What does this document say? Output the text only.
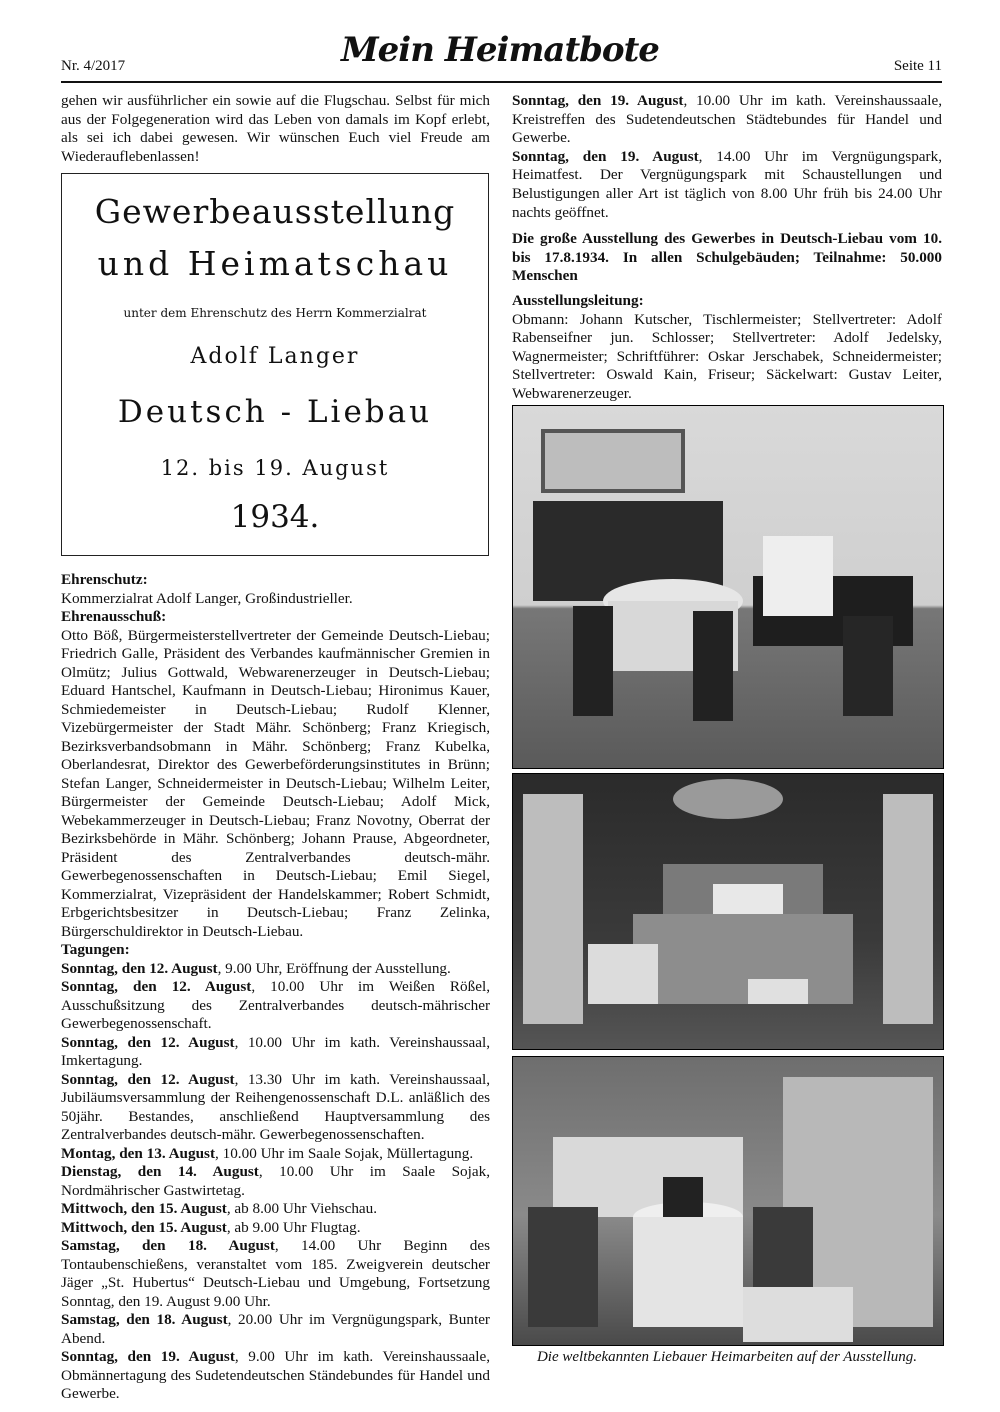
Nr. 4/2017	Mein Heimatbote	Seite 11

gehen wir ausführlicher ein sowie auf die Flugschau. Selbst für mich aus der Folgegeneration wird das Leben von damals im Kopf erlebt, als sei ich dabei gewesen. Wir wünschen Euch viel Freude am Wiederauflebenlassen!

Gewerbeausstellung
und Heimatschau
unter dem Ehrenschutz des Herrn Kommerzialrat
Adolf Langer
Deutsch - Liebau
12. bis 19. August
1934.

Ehrenschutz:

Kommerzialrat Adolf Langer, Großindustrieller.

Ehrenausschuß:

Otto Böß, Bürgermeisterstellvertreter der Gemeinde Deutsch-Liebau; Friedrich Galle, Präsident des Verbandes kaufmännischer Gremien in Olmütz; Julius Gottwald, Webwarenerzeuger in Deutsch-Liebau; Eduard Hantschel, Kaufmann in Deutsch-Liebau; Hironimus Kauer, Schmiedemeister in Deutsch-Liebau; Rudolf Klenner, Vizebürgermeister der Stadt Mähr. Schönberg; Franz Kriegisch, Bezirksverbandsobmann in Mähr. Schönberg; Franz Kubelka, Oberlandesrat, Direktor des Gewerbeförderungsinstitutes in Brünn; Stefan Langer, Schneidermeister in Deutsch-Liebau; Wilhelm Leiter, Bürgermeister der Gemeinde Deutsch-Liebau; Adolf Mick, Webekammerzeuger in Deutsch-Liebau; Franz Novotny, Oberrat der Bezirksbehörde in Mähr. Schönberg; Johann Prause, Abgeordneter, Präsident des Zentralverbandes deutsch-mähr. Gewerbegenossenschaften in Deutsch-Liebau; Emil Siegel, Kommerzialrat, Vizepräsident der Handelskammer; Robert Schmidt, Erbgerichtsbesitzer in Deutsch-Liebau; Franz Zelinka, Bürgerschuldirektor in Deutsch-Liebau.

Tagungen:

Sonntag, den 12. August, 9.00 Uhr, Eröffnung der Ausstellung.

Sonntag, den 12. August, 10.00 Uhr im Weißen Rößel, Ausschußsitzung des Zentralverbandes deutsch-mährischer Gewerbegenossenschaft.

Sonntag, den 12. August, 10.00 Uhr im kath. Vereinshaussaal, Imkertagung.

Sonntag, den 12. August, 13.30 Uhr im kath. Vereinshaussaal, Jubiläumsversammlung der Reihengenossenschaft D.L. anläßlich des 50jähr. Bestandes, anschließend Hauptversammlung des Zentralverbandes deutsch-mähr. Gewerbegenossenschaften.

Montag, den 13. August, 10.00 Uhr im Saale Sojak, Müllertagung.

Dienstag, den 14. August, 10.00 Uhr im Saale Sojak, Nordmährischer Gastwirtetag.

Mittwoch, den 15. August, ab 8.00 Uhr Viehschau.

Mittwoch, den 15. August, ab 9.00 Uhr Flugtag.

Samstag, den 18. August, 14.00 Uhr Beginn des Tontaubenschießens, veranstaltet vom 185. Zweigverein deutscher Jäger „St. Hubertus“ Deutsch-Liebau und Umgebung, Fortsetzung Sonntag, den 19. August 9.00 Uhr.

Samstag, den 18. August, 20.00 Uhr im Vergnügungspark, Bunter Abend.

Sonntag, den 19. August, 9.00 Uhr im kath. Vereinshaussaale, Obmännertagung des Sudetendeutschen Ständebundes für Handel und Gewerbe.

Sonntag, den 19. August, 10.00 Uhr im kath. Vereinshaussaale, Kreistreffen des Sudetendeutschen Städtebundes für Handel und Gewerbe.

Sonntag, den 19. August, 14.00 Uhr im Vergnügungspark, Heimatfest. Der Vergnügungspark mit Schaustellungen und Belustigungen aller Art ist täglich von 8.00 Uhr früh bis 24.00 Uhr nachts geöffnet.

Die große Ausstellung des Gewerbes in Deutsch-Liebau vom 10. bis 17.8.1934. In allen Schulgebäuden; Teilnahme: 50.000 Menschen

Ausstellungsleitung:

Obmann: Johann Kutscher, Tischlermeister; Stellvertreter: Adolf Rabenseifner jun. Schlosser; Stellvertreter: Adolf Jedelsky, Wagnermeister; Schriftführer: Oskar Jerschabek, Schneidermeister; Stellvertreter: Oswald Kain, Friseur; Säckelwart: Gustav Leiter, Webwarenerzeuger.

Die weltbekannten Liebauer Heimarbeiten auf der Ausstellung.
